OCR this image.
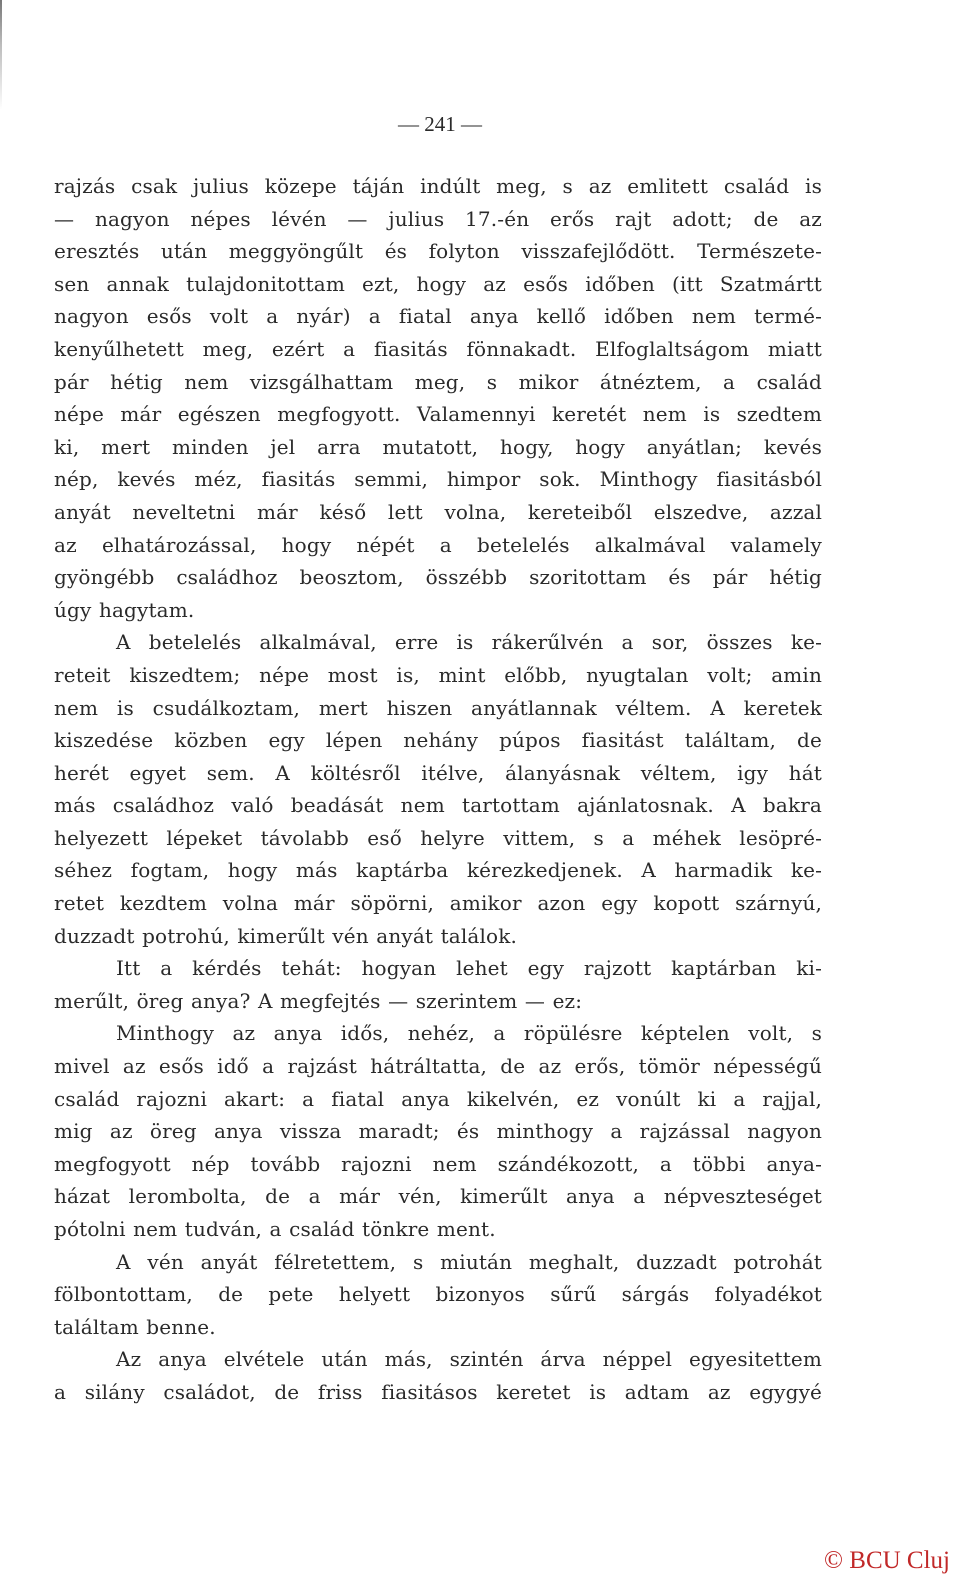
— 241 —
rajzás csak julius közepe táján indúlt meg, s az emlitett család is
— nagyon népes lévén — julius 17.-én erős rajt adott; de az
eresztés után meggyöngűlt és folyton visszafejlődött. Természete-
sen annak tulajdonitottam ezt, hogy az esős időben (itt Szatmártt
nagyon esős volt a nyár) a fiatal anya kellő időben nem termé-
kenyűlhetett meg, ezért a fiasitás fönnakadt. Elfoglaltságom miatt
pár hétig nem vizsgálhattam meg, s mikor átnéztem, a család
népe már egészen megfogyott. Valamennyi keretét nem is szedtem
ki, mert minden jel arra mutatott, hogy, hogy anyátlan; kevés
nép, kevés méz, fiasitás semmi, himpor sok. Minthogy fiasitásból
anyát neveltetni már késő lett volna, kereteiből elszedve, azzal
az elhatározással, hogy népét a betelelés alkalmával valamely
gyöngébb családhoz beosztom, összébb szoritottam és pár hétig
úgy hagytam.
A betelelés alkalmával, erre is rákerűlvén a sor, összes ke-
reteit kiszedtem; népe most is, mint előbb, nyugtalan volt; amin
nem is csudálkoztam, mert hiszen anyátlannak véltem. A keretek
kiszedése közben egy lépen nehány púpos fiasitást találtam, de
herét egyet sem. A költésről itélve, álanyásnak véltem, igy hát
más családhoz való beadását nem tartottam ajánlatosnak. A bakra
helyezett lépeket távolabb eső helyre vittem, s a méhek lesöpré-
séhez fogtam, hogy más kaptárba kérezkedjenek. A harmadik ke-
retet kezdtem volna már söpörni, amikor azon egy kopott szárnyú,
duzzadt potrohú, kimerűlt vén anyát találok.
Itt a kérdés tehát: hogyan lehet egy rajzott kaptárban ki-
merűlt, öreg anya? A megfejtés — szerintem — ez:
Minthogy az anya idős, nehéz, a röpülésre képtelen volt, s
mivel az esős idő a rajzást hátráltatta, de az erős, tömör népességű
család rajozni akart: a fiatal anya kikelvén, ez vonúlt ki a rajjal,
mig az öreg anya vissza maradt; és minthogy a rajzással nagyon
megfogyott nép tovább rajozni nem szándékozott, a többi anya-
házat lerombolta, de a már vén, kimerűlt anya a népveszteséget
pótolni nem tudván, a család tönkre ment.
A vén anyát félretettem, s miután meghalt, duzzadt potrohát
fölbontottam, de pete helyett bizonyos sűrű sárgás folyadékot
találtam benne.
Az anya elvétele után más, szintén árva néppel egyesitettem
a silány családot, de friss fiasitásos keretet is adtam az egygyé
© BCU Cluj
